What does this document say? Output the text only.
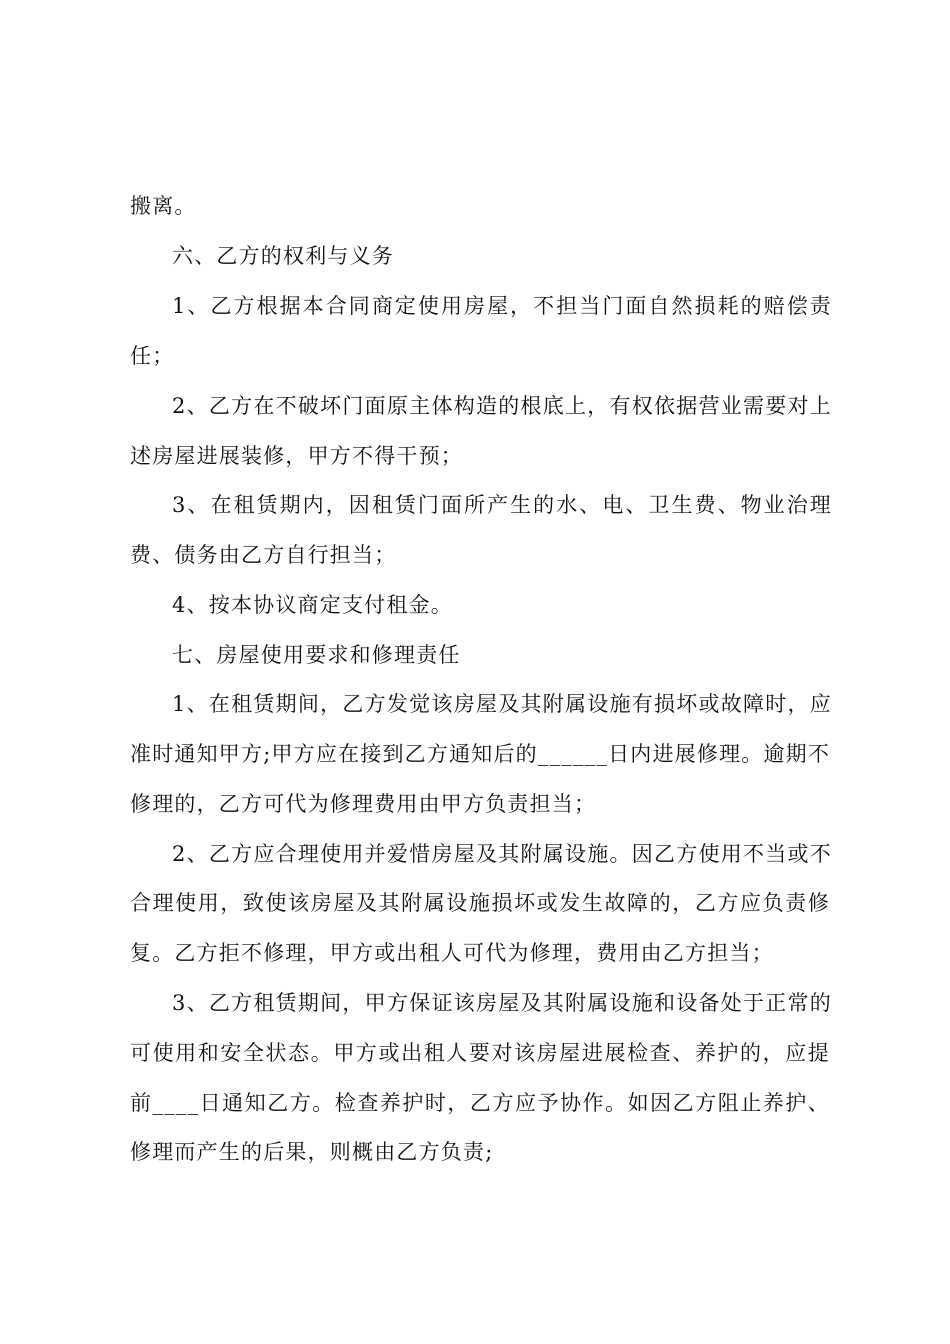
搬离。
六、乙方的权利与义务
1、乙方根据本合同商定使用房屋，不担当门面自然损耗的赔偿责
任；
2、乙方在不破坏门面原主体构造的根底上，有权依据营业需要对上
述房屋进展装修，甲方不得干预；
3、在租赁期内，因租赁门面所产生的水、电、卫生费、物业治理
费、债务由乙方自行担当；
4、按本协议商定支付租金。
七、房屋使用要求和修理责任
1、在租赁期间，乙方发觉该房屋及其附属设施有损坏或故障时，应
准时通知甲方;甲方应在接到乙方通知后的______日内进展修理。逾期不
修理的，乙方可代为修理费用由甲方负责担当；
2、乙方应合理使用并爱惜房屋及其附属设施。因乙方使用不当或不
合理使用，致使该房屋及其附属设施损坏或发生故障的，乙方应负责修
复。乙方拒不修理，甲方或出租人可代为修理，费用由乙方担当；
3、乙方租赁期间，甲方保证该房屋及其附属设施和设备处于正常的
可使用和安全状态。甲方或出租人要对该房屋进展检查、养护的，应提
前____日通知乙方。检查养护时，乙方应予协作。如因乙方阻止养护、
修理而产生的后果，则概由乙方负责;
